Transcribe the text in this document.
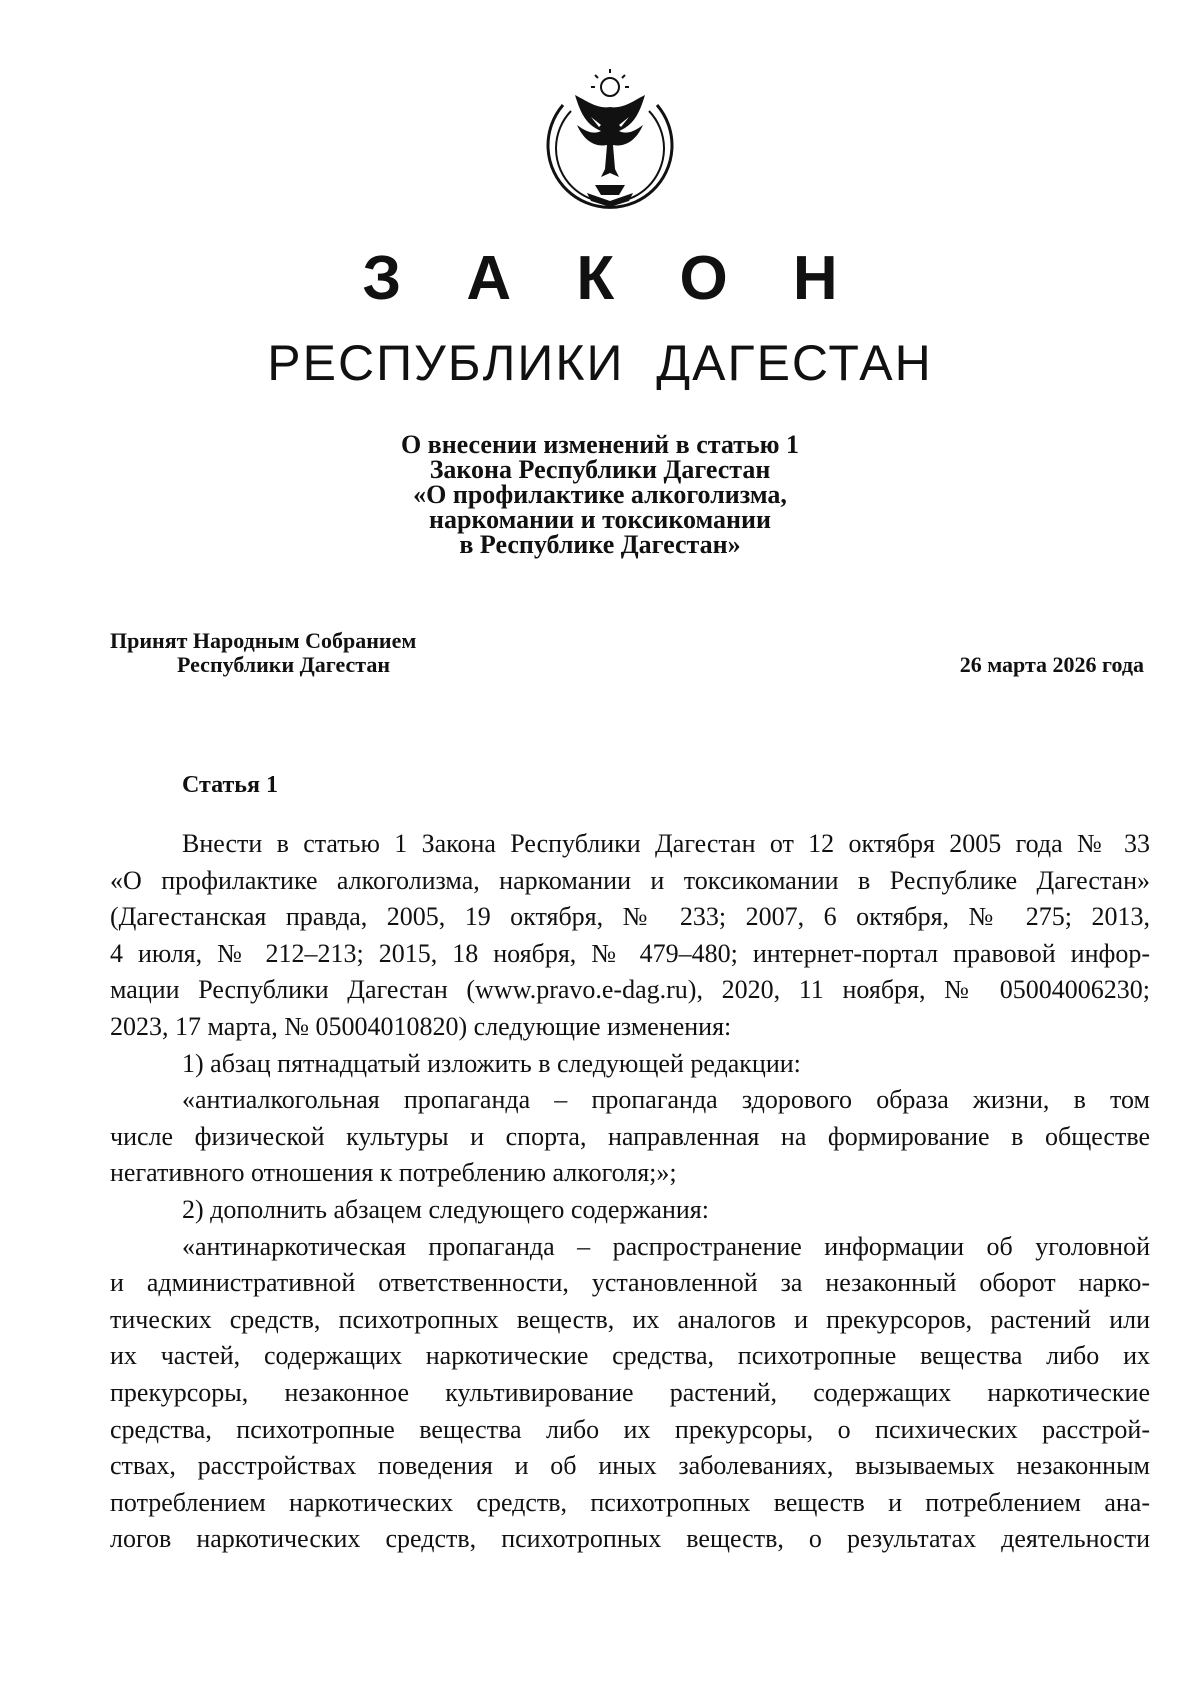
З А К О Н
РЕСПУБЛИКИ ДАГЕСТАН
О внесении изменений в статью 1
Закона Республики Дагестан
«О профилактике алкоголизма,
наркомании и токсикомании
в Республике Дагестан»
Принят Народным Собранием
Республики Дагестан	26 марта 2026 года
Статья 1

Внести в статью 1 Закона Республики Дагестан от 12 октября 2005 года № 33

«О профилактике алкоголизма, наркомании и токсикомании в Республике Дагестан»

(Дагестанская правда, 2005, 19 октября, № 233; 2007, 6 октября, № 275; 2013,

4 июля, № 212–213; 2015, 18 ноября, № 479–480; интернет-портал правовой инфор-

мации Республики Дагестан (www.pravo.e-dag.ru), 2020, 11 ноября, № 05004006230;

2023, 17 марта, № 05004010820) следующие изменения:

1) абзац пятнадцатый изложить в следующей редакции:

«антиалкогольная пропаганда – пропаганда здорового образа жизни, в том

числе физической культуры и спорта, направленная на формирование в обществе

негативного отношения к потреблению алкоголя;»;

2) дополнить абзацем следующего содержания:

«антинаркотическая пропаганда – распространение информации об уголовной

и административной ответственности, установленной за незаконный оборот нарко-

тических средств, психотропных веществ, их аналогов и прекурсоров, растений или

их частей, содержащих наркотические средства, психотропные вещества либо их

прекурсоры, незаконное культивирование растений, содержащих наркотические

средства, психотропные вещества либо их прекурсоры, о психических расстрой-

ствах, расстройствах поведения и об иных заболеваниях, вызываемых незаконным

потреблением наркотических средств, психотропных веществ и потреблением ана-

логов наркотических средств, психотропных веществ, о результатах деятельности
